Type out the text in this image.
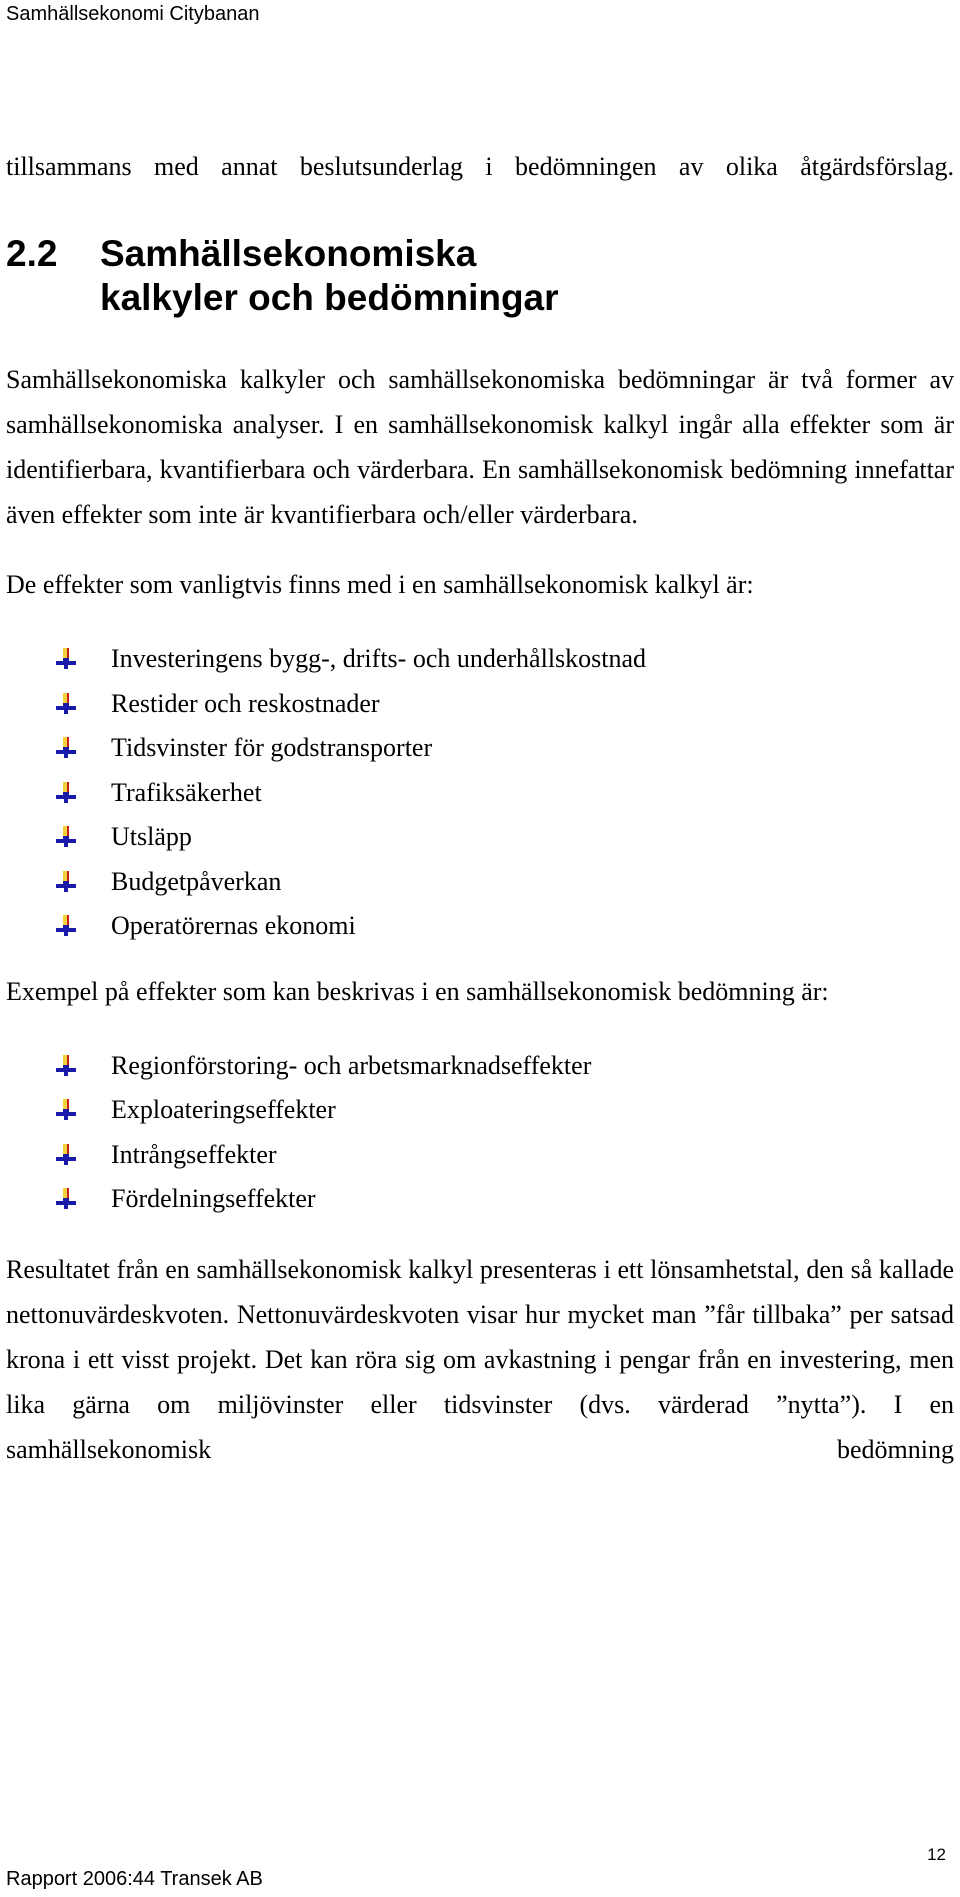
Samhällsekonomi Citybanan

tillsammans med annat beslutsunderlag i bedömningen av olika åtgärdsförslag.

2.2	Samhällsekonomiska kalkyler och bedömningar

Samhällsekonomiska kalkyler och samhällsekonomiska bedömningar är två former av samhällsekonomiska analyser. I en samhällsekonomisk kalkyl ingår alla effekter som är identifierbara, kvantifierbara och värderbara. En samhällsekonomisk bedömning innefattar även effekter som inte är kvantifierbara och/eller värderbara.

De effekter som vanligtvis finns med i en samhällsekonomisk kalkyl är:

Investeringens bygg-, drifts- och underhållskostnad
Restider och reskostnader
Tidsvinster för godstransporter
Trafiksäkerhet
Utsläpp
Budgetpåverkan
Operatörernas ekonomi

Exempel på effekter som kan beskrivas i en samhällsekonomisk bedömning är:

Regionförstoring- och arbetsmarknadseffekter
Exploateringseffekter
Intrångseffekter
Fördelningseffekter

Resultatet från en samhällsekonomisk kalkyl presenteras i ett lönsamhetstal, den så kallade nettonuvärdeskvoten. Nettonuvärdeskvoten visar hur mycket man ”får tillbaka” per satsad krona i ett visst projekt. Det kan röra sig om avkastning i pengar från en investering, men lika gärna om miljövinster eller tidsvinster (dvs. värderad ”nytta”). I en samhällsekonomisk bedömning

12
Rapport 2006:44 Transek AB
